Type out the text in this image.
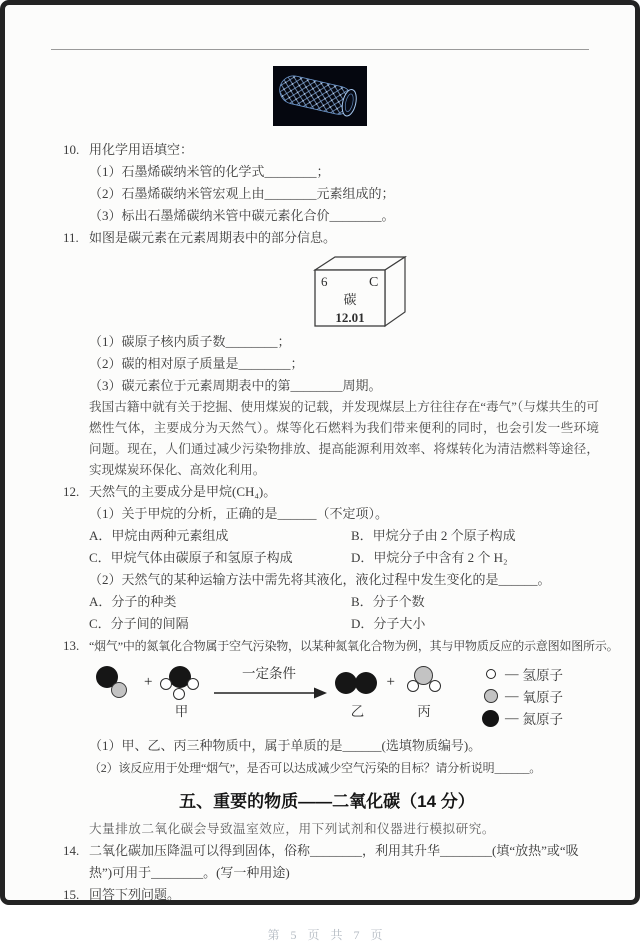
10. 用化学用语填空：
（1）石墨烯碳纳米管的化学式________；
（2）石墨烯碳纳米管宏观上由________元素组成的；
（3）标出石墨烯碳纳米管中碳元素化合价________。
11. 如图是碳元素在元素周期表中的部分信息。
6	C
碳
12.01
（1）碳原子核内质子数________；
（2）碳的相对原子质量是________；
（3）碳元素位于元素周期表中的第________周期。
我国古籍中就有关于挖掘、使用煤炭的记载，并发现煤层上方往往存在“毒气”（与煤共生的可燃性气体，主要成分为天然气）。煤等化石燃料为我们带来便利的同时，也会引发一些环境问题。现在，人们通过减少污染物排放、提高能源利用效率、将煤转化为清洁燃料等途径，实现煤炭环保化、高效化利用。
12. 天然气的主要成分是甲烷(CH₄)。
（1）关于甲烷的分析，正确的是______（不定项）。
A．甲烷由两种元素组成	B．甲烷分子由 2 个原子构成
C．甲烷气体由碳原子和氢原子构成	D．甲烷分子中含有 2 个 H₂
（2）天然气的某种运输方法中需先将其液化，液化过程中发生变化的是______。
A．分子的种类	B．分子个数
C．分子间的间隔	D．分子大小
13. “烟气”中的氮氧化合物属于空气污染物，以某种氮氧化合物为例，其与甲物质反应的示意图如图所示。
+
甲
一定条件
乙
+
丙
— 氢原子
— 氧原子
— 氮原子
（1）甲、乙、丙三种物质中，属于单质的是______(选填物质编号)。
（2）该反应用于处理“烟气”，是否可以达成减少空气污染的目标？请分析说明______。
五、重要的物质——二氧化碳（14 分）
大量排放二氧化碳会导致温室效应，用下列试剂和仪器进行模拟研究。
14. 二氧化碳加压降温可以得到固体，俗称________，利用其升华________(填“放热”或“吸热”)可用于________。(写一种用途)
15. 回答下列问题。
第 5 页 共 7 页
